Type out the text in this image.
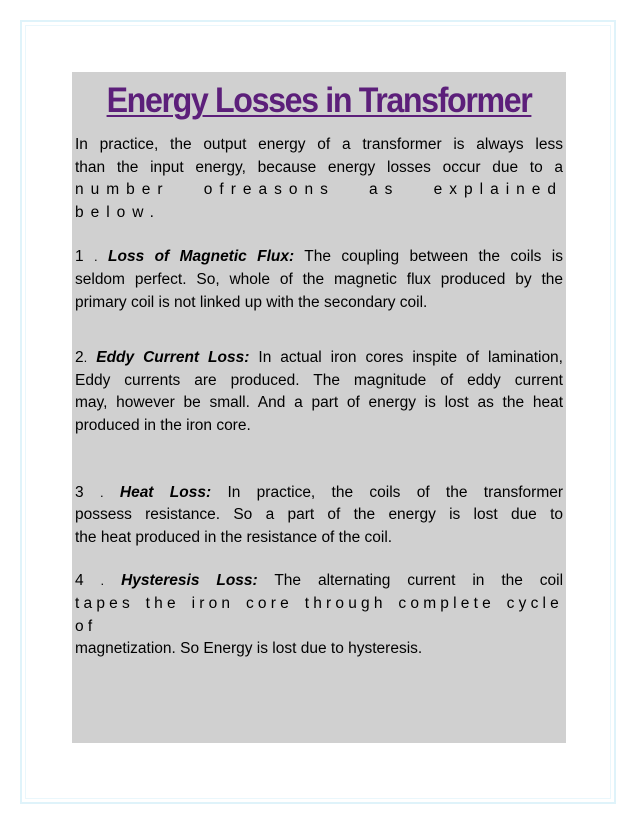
Energy Losses in Transformer
In practice, the output energy of a transformer is always less
than the input energy, because energy losses occur due to a
number ofreasons as explained below.
1 . Loss of Magnetic Flux: The coupling between the coils is
seldom perfect. So, whole of the magnetic flux produced by the
primary coil is not linked up with the secondary coil.
2. Eddy Current Loss: In actual iron cores inspite of lamination,
Eddy currents are produced. The magnitude of eddy current
may, however be small. And a part of energy is lost as the heat
produced in the iron core.
3 . Heat Loss: In practice, the coils of the transformer
possess resistance. So a part of the energy is lost due to
the heat produced in the resistance of the coil.
4 . Hysteresis Loss: The alternating current in the coil
tapes the iron core through complete cycle of
magnetization. So Energy is lost due to hysteresis.
